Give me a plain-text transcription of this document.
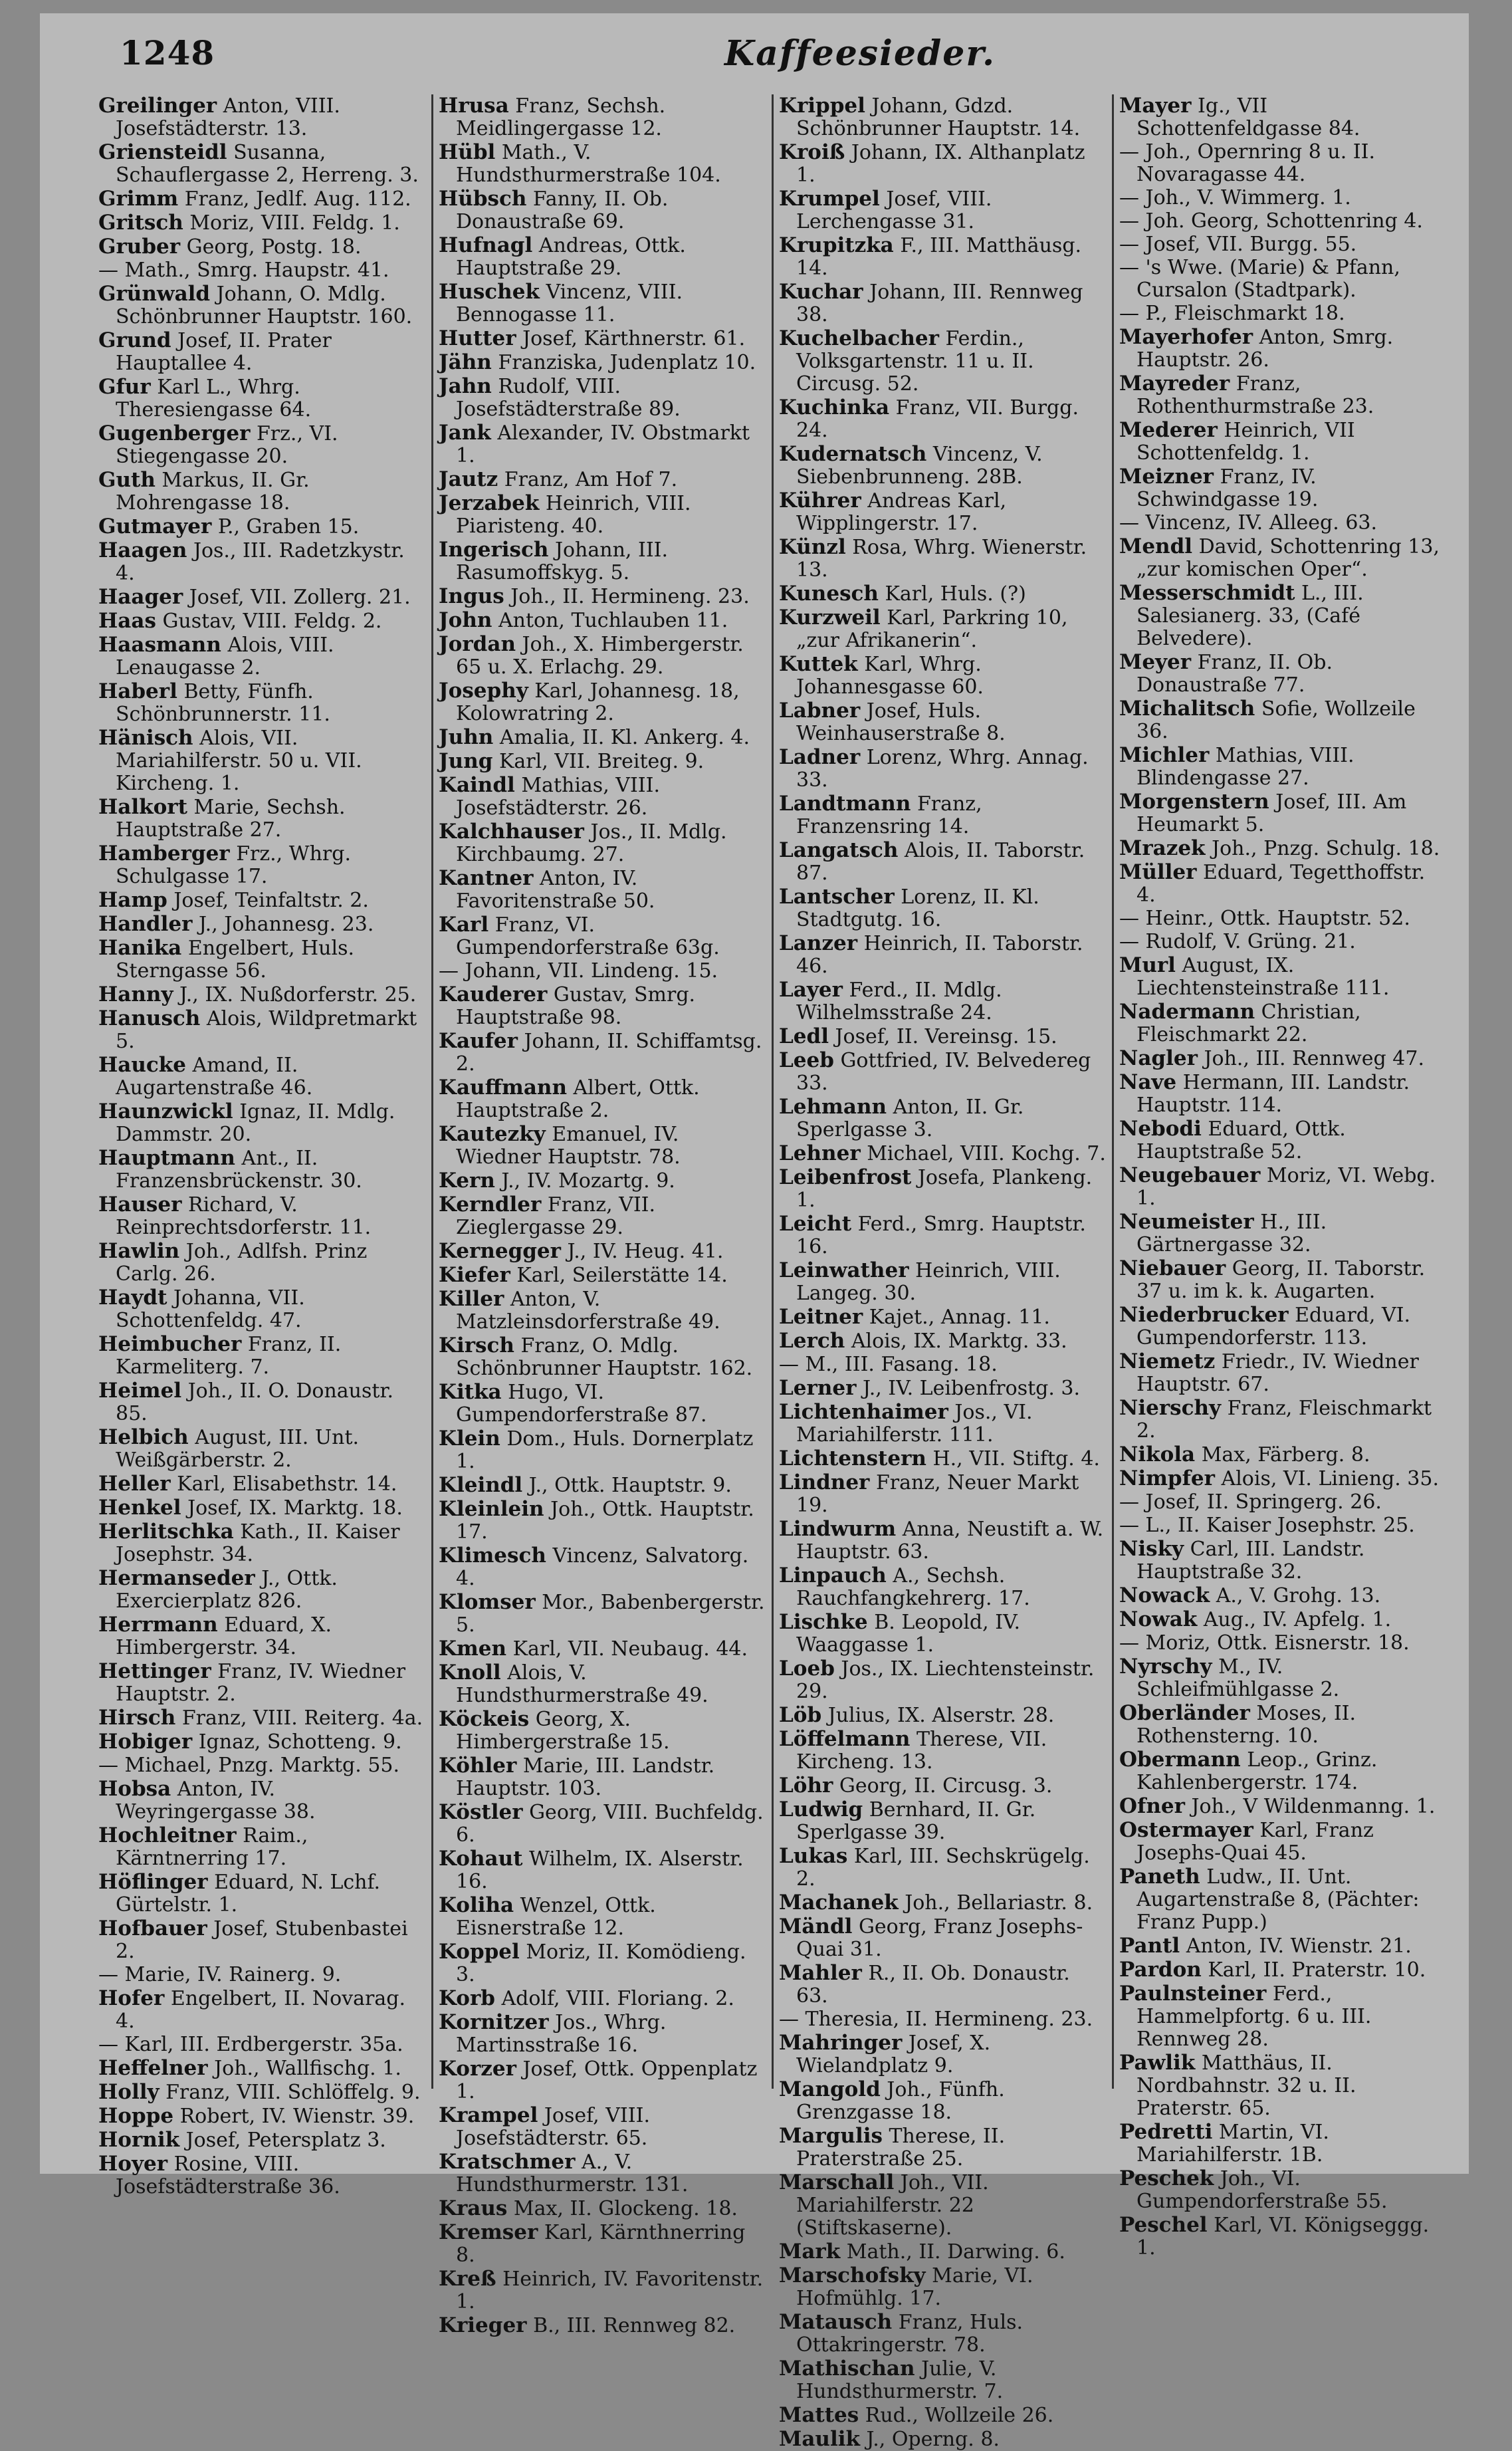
1248	Kaffeesieder.
Greilinger Anton, VIII. Josefstädterstr. 13.
Griensteidl Susanna, Schauflergasse 2, Herreng. 3.
Grimm Franz, Jedlf. Aug. 112.
Gritsch Moriz, VIII. Feldg. 1.
Gruber Georg, Postg. 18.
— Math., Smrg. Haupstr. 41.
Grünwald Johann, O. Mdlg. Schönbrunner Hauptstr. 160.
Grund Josef, II. Prater Hauptallee 4.
Gfur Karl L., Whrg. Theresiengasse 64.
Gugenberger Frz., VI. Stiegengasse 20.
Guth Markus, II. Gr. Mohrengasse 18.
Gutmayer P., Graben 15.
Haagen Jos., III. Radetzkystr. 4.
Haager Josef, VII. Zollerg. 21.
Haas Gustav, VIII. Feldg. 2.
Haasmann Alois, VIII. Lenaugasse 2.
Haberl Betty, Fünfh. Schönbrunnerstr. 11.
Hänisch Alois, VII. Mariahilferstr. 50 u. VII. Kircheng. 1.
Halkort Marie, Sechsh. Hauptstraße 27.
Hamberger Frz., Whrg. Schulgasse 17.
Hamp Josef, Teinfaltstr. 2.
Handler J., Johannesg. 23.
Hanika Engelbert, Huls. Sterngasse 56.
Hanny J., IX. Nußdorferstr. 25.
Hanusch Alois, Wildpretmarkt 5.
Haucke Amand, II. Augartenstraße 46.
Haunzwickl Ignaz, II. Mdlg. Dammstr. 20.
Hauptmann Ant., II. Franzensbrückenstr. 30.
Hauser Richard, V. Reinprechtsdorferstr. 11.
Hawlin Joh., Adlfsh. Prinz Carlg. 26.
Haydt Johanna, VII. Schottenfeldg. 47.
Heimbucher Franz, II. Karmeliterg. 7.
Heimel Joh., II. O. Donaustr. 85.
Helbich August, III. Unt. Weißgärberstr. 2.
Heller Karl, Elisabethstr. 14.
Henkel Josef, IX. Marktg. 18.
Herlitschka Kath., II. Kaiser Josephstr. 34.
Hermanseder J., Ottk. Exercierplatz 826.
Herrmann Eduard, X. Himbergerstr. 34.
Hettinger Franz, IV. Wiedner Hauptstr. 2.
Hirsch Franz, VIII. Reiterg. 4a.
Hobiger Ignaz, Schotteng. 9.
— Michael, Pnzg. Marktg. 55.
Hobsa Anton, IV. Weyringergasse 38.
Hochleitner Raim., Kärntnerring 17.
Höflinger Eduard, N. Lchf. Gürtelstr. 1.
Hofbauer Josef, Stubenbastei 2.
— Marie, IV. Rainerg. 9.
Hofer Engelbert, II. Novarag. 4.
— Karl, III. Erdbergerstr. 35a.
Heffelner Joh., Wallfischg. 1.
Holly Franz, VIII. Schlöffelg. 9.
Hoppe Robert, IV. Wienstr. 39.
Hornik Josef, Petersplatz 3.
Hoyer Rosine, VIII. Josefstädterstraße 36.
Hrusa Franz, Sechsh. Meidlingergasse 12.
Hübl Math., V. Hundsthurmerstraße 104.
Hübsch Fanny, II. Ob. Donaustraße 69.
Hufnagl Andreas, Ottk. Hauptstraße 29.
Huschek Vincenz, VIII. Bennogasse 11.
Hutter Josef, Kärthnerstr. 61.
Jähn Franziska, Judenplatz 10.
Jahn Rudolf, VIII. Josefstädterstraße 89.
Jank Alexander, IV. Obstmarkt 1.
Jautz Franz, Am Hof 7.
Jerzabek Heinrich, VIII. Piaristeng. 40.
Ingerisch Johann, III. Rasumoffskyg. 5.
Ingus Joh., II. Hermineng. 23.
John Anton, Tuchlauben 11.
Jordan Joh., X. Himbergerstr. 65 u. X. Erlachg. 29.
Josephy Karl, Johannesg. 18, Kolowratring 2.
Juhn Amalia, II. Kl. Ankerg. 4.
Jung Karl, VII. Breiteg. 9.
Kaindl Mathias, VIII. Josefstädterstr. 26.
Kalchhauser Jos., II. Mdlg. Kirchbaumg. 27.
Kantner Anton, IV. Favoritenstraße 50.
Karl Franz, VI. Gumpendorferstraße 63g.
— Johann, VII. Lindeng. 15.
Kauderer Gustav, Smrg. Hauptstraße 98.
Kaufer Johann, II. Schiffamtsg. 2.
Kauffmann Albert, Ottk. Hauptstraße 2.
Kautezky Emanuel, IV. Wiedner Hauptstr. 78.
Kern J., IV. Mozartg. 9.
Kerndler Franz, VII. Zieglergasse 29.
Kernegger J., IV. Heug. 41.
Kiefer Karl, Seilerstätte 14.
Killer Anton, V. Matzleinsdorferstraße 49.
Kirsch Franz, O. Mdlg. Schönbrunner Hauptstr. 162.
Kitka Hugo, VI. Gumpendorferstraße 87.
Klein Dom., Huls. Dornerplatz 1.
Kleindl J., Ottk. Hauptstr. 9.
Kleinlein Joh., Ottk. Hauptstr. 17.
Klimesch Vincenz, Salvatorg. 4.
Klomser Mor., Babenbergerstr. 5.
Kmen Karl, VII. Neubaug. 44.
Knoll Alois, V. Hundsthurmerstraße 49.
Köckeis Georg, X. Himbergerstraße 15.
Köhler Marie, III. Landstr. Hauptstr. 103.
Köstler Georg, VIII. Buchfeldg. 6.
Kohaut Wilhelm, IX. Alserstr. 16.
Koliha Wenzel, Ottk. Eisnerstraße 12.
Koppel Moriz, II. Komödieng. 3.
Korb Adolf, VIII. Floriang. 2.
Kornitzer Jos., Whrg. Martinsstraße 16.
Korzer Josef, Ottk. Oppenplatz 1.
Krampel Josef, VIII. Josefstädterstr. 65.
Kratschmer A., V. Hundsthurmerstr. 131.
Kraus Max, II. Glockeng. 18.
Kremser Karl, Kärnthnerring 8.
Kreß Heinrich, IV. Favoritenstr. 1.
Krieger B., III. Rennweg 82.
Krippel Johann, Gdzd. Schönbrunner Hauptstr. 14.
Kroiß Johann, IX. Althanplatz 1.
Krumpel Josef, VIII. Lerchengasse 31.
Krupitzka F., III. Matthäusg. 14.
Kuchar Johann, III. Rennweg 38.
Kuchelbacher Ferdin., Volksgartenstr. 11 u. II. Circusg. 52.
Kuchinka Franz, VII. Burgg. 24.
Kudernatsch Vincenz, V. Siebenbrunneng. 28B.
Kührer Andreas Karl, Wipplingerstr. 17.
Künzl Rosa, Whrg. Wienerstr. 13.
Kunesch Karl, Huls. (?)
Kurzweil Karl, Parkring 10, „zur Afrikanerin“.
Kuttek Karl, Whrg. Johannesgasse 60.
Labner Josef, Huls. Weinhauserstraße 8.
Ladner Lorenz, Whrg. Annag. 33.
Landtmann Franz, Franzensring 14.
Langatsch Alois, II. Taborstr. 87.
Lantscher Lorenz, II. Kl. Stadtgutg. 16.
Lanzer Heinrich, II. Taborstr. 46.
Layer Ferd., II. Mdlg. Wilhelmsstraße 24.
Ledl Josef, II. Vereinsg. 15.
Leeb Gottfried, IV. Belvedereg 33.
Lehmann Anton, II. Gr. Sperlgasse 3.
Lehner Michael, VIII. Kochg. 7.
Leibenfrost Josefa, Plankeng. 1.
Leicht Ferd., Smrg. Hauptstr. 16.
Leinwather Heinrich, VIII. Langeg. 30.
Leitner Kajet., Annag. 11.
Lerch Alois, IX. Marktg. 33.
— M., III. Fasang. 18.
Lerner J., IV. Leibenfrostg. 3.
Lichtenhaimer Jos., VI. Mariahilferstr. 111.
Lichtenstern H., VII. Stiftg. 4.
Lindner Franz, Neuer Markt 19.
Lindwurm Anna, Neustift a. W. Hauptstr. 63.
Linpauch A., Sechsh. Rauchfangkehrerg. 17.
Lischke B. Leopold, IV. Waaggasse 1.
Loeb Jos., IX. Liechtensteinstr. 29.
Löb Julius, IX. Alserstr. 28.
Löffelmann Therese, VII. Kircheng. 13.
Löhr Georg, II. Circusg. 3.
Ludwig Bernhard, II. Gr. Sperlgasse 39.
Lukas Karl, III. Sechskrügelg. 2.
Machanek Joh., Bellariastr. 8.
Mändl Georg, Franz Josephs-Quai 31.
Mahler R., II. Ob. Donaustr. 63.
— Theresia, II. Hermineng. 23.
Mahringer Josef, X. Wielandplatz 9.
Mangold Joh., Fünfh. Grenzgasse 18.
Margulis Therese, II. Praterstraße 25.
Marschall Joh., VII. Mariahilferstr. 22 (Stiftskaserne).
Mark Math., II. Darwing. 6.
Marschofsky Marie, VI. Hofmühlg. 17.
Matausch Franz, Huls. Ottakringerstr. 78.
Mathischan Julie, V. Hundsthurmerstr. 7.
Mattes Rud., Wollzeile 26.
Maulik J., Operng. 8.
Mayer Ig., VII Schottenfeldgasse 84.
— Joh., Opernring 8 u. II. Novaragasse 44.
— Joh., V. Wimmerg. 1.
— Joh. Georg, Schottenring 4.
— Josef, VII. Burgg. 55.
— 's Wwe. (Marie) & Pfann, Cursalon (Stadtpark).
— P., Fleischmarkt 18.
Mayerhofer Anton, Smrg. Hauptstr. 26.
Mayreder Franz, Rothenthurmstraße 23.
Mederer Heinrich, VII Schottenfeldg. 1.
Meizner Franz, IV. Schwindgasse 19.
— Vincenz, IV. Alleeg. 63.
Mendl David, Schottenring 13, „zur komischen Oper“.
Messerschmidt L., III. Salesianerg. 33, (Café Belvedere).
Meyer Franz, II. Ob. Donaustraße 77.
Michalitsch Sofie, Wollzeile 36.
Michler Mathias, VIII. Blindengasse 27.
Morgenstern Josef, III. Am Heumarkt 5.
Mrazek Joh., Pnzg. Schulg. 18.
Müller Eduard, Tegetthoffstr. 4.
— Heinr., Ottk. Hauptstr. 52.
— Rudolf, V. Grüng. 21.
Murl August, IX. Liechtensteinstraße 111.
Nadermann Christian, Fleischmarkt 22.
Nagler Joh., III. Rennweg 47.
Nave Hermann, III. Landstr. Hauptstr. 114.
Nebodi Eduard, Ottk. Hauptstraße 52.
Neugebauer Moriz, VI. Webg. 1.
Neumeister H., III. Gärtnergasse 32.
Niebauer Georg, II. Taborstr. 37 u. im k. k. Augarten.
Niederbrucker Eduard, VI. Gumpendorferstr. 113.
Niemetz Friedr., IV. Wiedner Hauptstr. 67.
Nierschy Franz, Fleischmarkt 2.
Nikola Max, Färberg. 8.
Nimpfer Alois, VI. Linieng. 35.
— Josef, II. Springerg. 26.
— L., II. Kaiser Josephstr. 25.
Nisky Carl, III. Landstr. Hauptstraße 32.
Nowack A., V. Grohg. 13.
Nowak Aug., IV. Apfelg. 1.
— Moriz, Ottk. Eisnerstr. 18.
Nyrschy M., IV. Schleifmühlgasse 2.
Oberländer Moses, II. Rothensterng. 10.
Obermann Leop., Grinz. Kahlenbergerstr. 174.
Ofner Joh., V Wildenmanng. 1.
Ostermayer Karl, Franz Josephs-Quai 45.
Paneth Ludw., II. Unt. Augartenstraße 8, (Pächter: Franz Pupp.)
Pantl Anton, IV. Wienstr. 21.
Pardon Karl, II. Praterstr. 10.
Paulnsteiner Ferd., Hammelpfortg. 6 u. III. Rennweg 28.
Pawlik Matthäus, II. Nordbahnstr. 32 u. II. Praterstr. 65.
Pedretti Martin, VI. Mariahilferstr. 1B.
Peschek Joh., VI. Gumpendorferstraße 55.
Peschel Karl, VI. Königseggg. 1.
